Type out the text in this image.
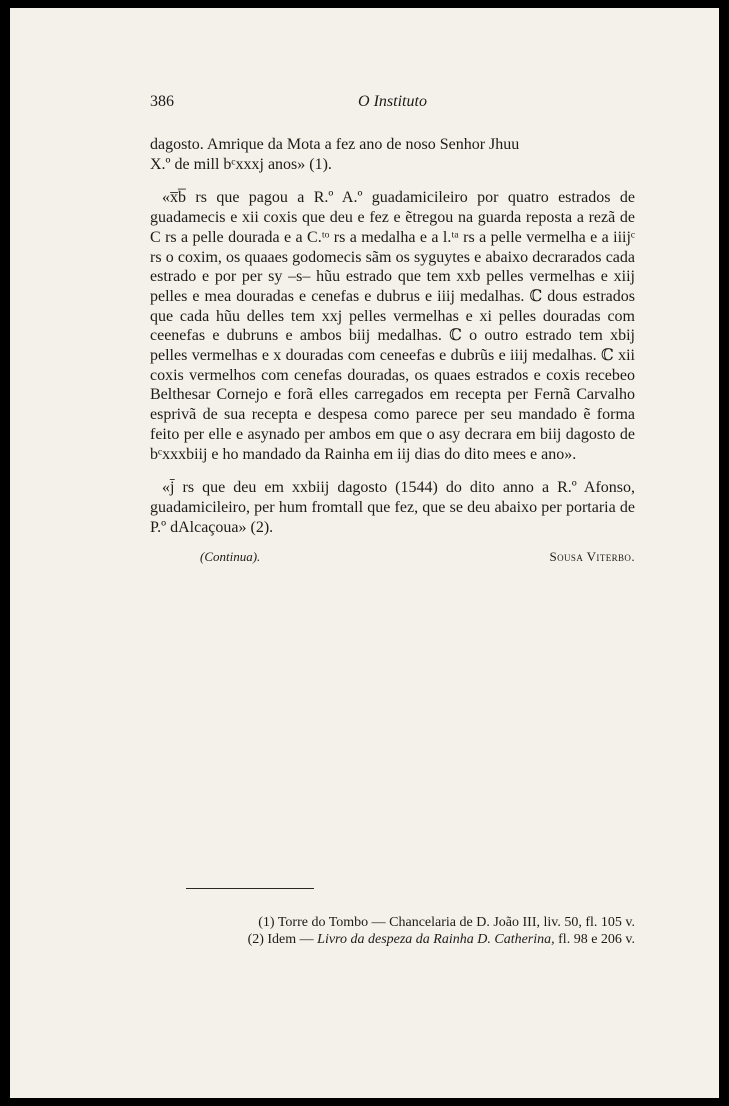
386	O Instituto

dagosto. Amrique da Mota a fez ano de noso Senhor Jhuu
X.º de mill bᶜxxxj anos» (1).

«x̅b̅ rs que pagou a R.º A.º guadamicileiro por quatro estrados de guadamecis e xii coxis que deu e fez e ẽtregou na guarda reposta a rezã de C rs a pelle dourada e a C.ᵗᵒ rs a medalha e a l.ᵗᵃ rs a pelle vermelha e a iiijᶜ rs o coxim, os quaaes godomecis sãm os syguytes e abaixo decrarados cada estrado e por per sy –s– hũu estrado que tem xxb pelles vermelhas e xiij pelles e mea douradas e cenefas e dubrus e iiij medalhas. ℂ dous estrados que cada hũu delles tem xxj pelles vermelhas e xi pelles douradas com ceenefas e dubruns e ambos biij medalhas. ℂ o outro estrado tem xbij pelles vermelhas e x douradas com ceneefas e dubrũs e iiij medalhas. ℂ xii coxis vermelhos com cenefas douradas, os quaes estrados e coxis recebeo Belthesar Cornejo e forã elles carregados em recepta per Fernã Carvalho esprivã de sua recepta e despesa como parece per seu mandado ẽ forma feito per elle e asynado per ambos em que o asy decrara em biij dagosto de bᶜxxxbiij e ho mandado da Rainha em iij dias do dito mees e ano».

«j̄ rs que deu em xxbiij dagosto (1544) do dito anno a R.º Afonso, guadamicileiro, per hum fromtall que fez, que se deu abaixo per portaria de P.º dAlcaçoua» (2).

(Continua).	Sousa Viterbo.

(1) Torre do Tombo — Chancelaria de D. João III, liv. 50, fl. 105 v.

(2) Idem — Livro da despeza da Rainha D. Catherina, fl. 98 e 206 v.
